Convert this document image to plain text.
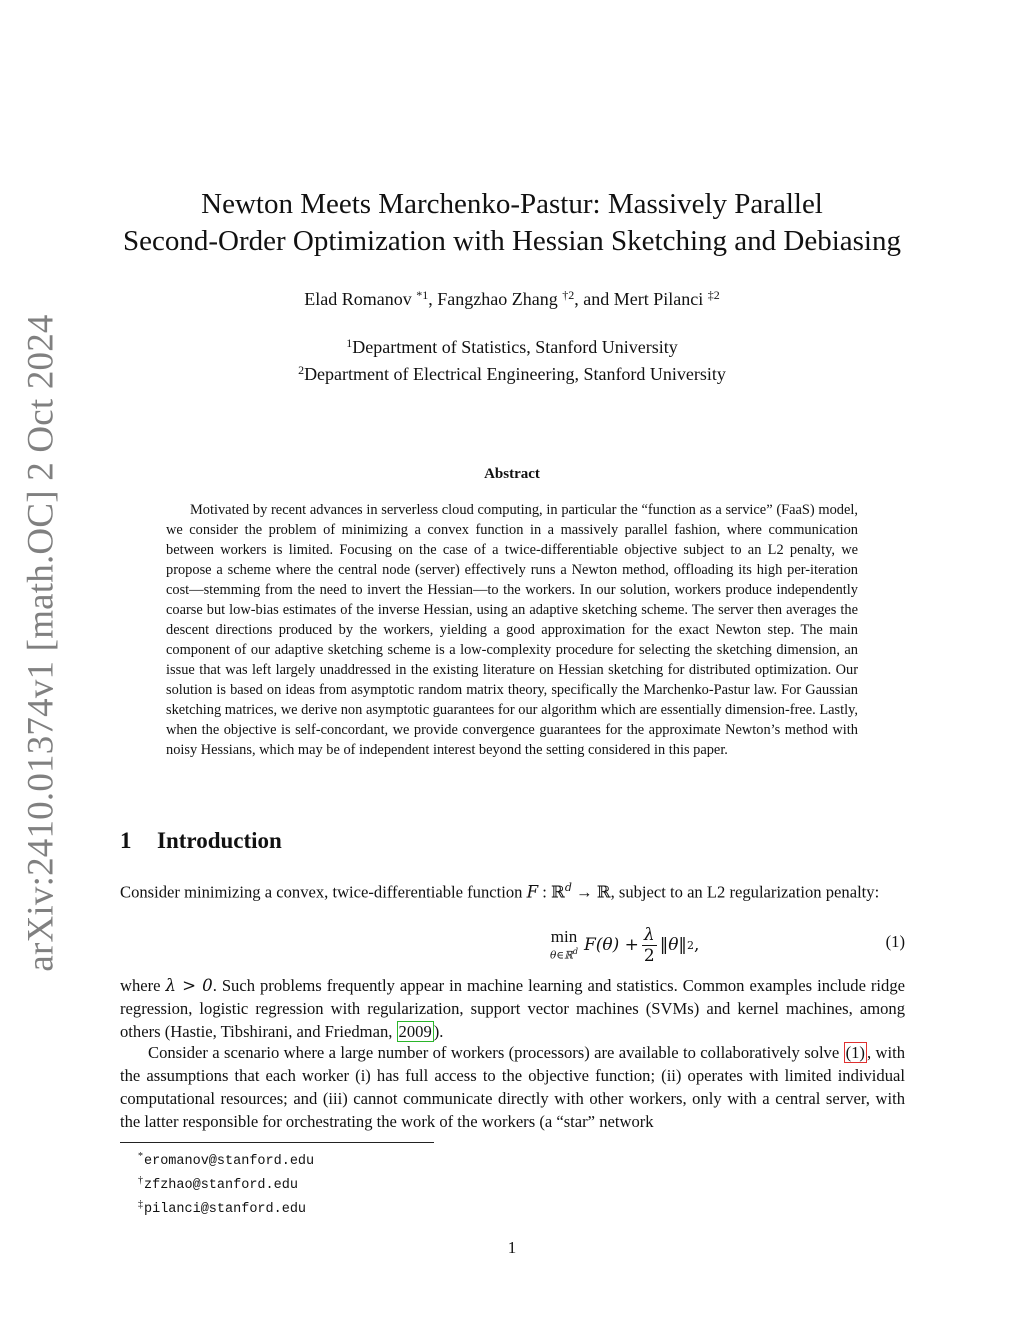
arXiv:2410.01374v1 [math.OC] 2 Oct 2024
Newton Meets Marchenko-Pastur: Massively Parallel
Second-Order Optimization with Hessian Sketching and Debiasing
Elad Romanov $^{*1}$, Fangzhao Zhang $^{\dagger 2}$, and Mert Pilanci $^{\ddagger 2}$
$^1$Department of Statistics, Stanford University
$^2$Department of Electrical Engineering, Stanford University
Abstract

Motivated by recent advances in serverless cloud computing, in particular the “function as a service” (FaaS) model, we consider the problem of minimizing a convex function in a massively parallel fashion, where communication between workers is limited. Focusing on the case of a twice-differentiable objective subject to an L2 penalty, we propose a scheme where the central node (server) effectively runs a Newton method, offloading its high per-iteration cost—stemming from the need to invert the Hessian—to the workers. In our solution, workers produce independently coarse but low-bias estimates of the inverse Hessian, using an adaptive sketching scheme. The server then averages the descent directions produced by the workers, yielding a good approximation for the exact Newton step. The main component of our adaptive sketching scheme is a low-complexity procedure for selecting the sketching dimension, an issue that was left largely unaddressed in the existing literature on Hessian sketching for distributed optimization. Our solution is based on ideas from asymptotic random matrix theory, specifically the Marchenko-Pastur law. For Gaussian sketching matrices, we derive non asymptotic guarantees for our algorithm which are essentially dimension-free. Lastly, when the objective is self-concordant, we provide convergence guarantees for the approximate Newton’s method with noisy Hessians, which may be of independent interest beyond the setting considered in this paper.

1 Introduction

Consider minimizing a convex, twice-differentiable function F : ℝ$^d$ → ℝ, subject to an L2 regularization penalty:

min
θ∈ℝ$^d$ $F(\theta) + \frac{\lambda}{2}$ ‖θ‖ 2 ,	(1)

where λ > 0. Such problems frequently appear in machine learning and statistics. Common examples include ridge regression, logistic regression with regularization, support vector machines (SVMs) and kernel machines, among others (Hastie, Tibshirani, and Friedman, 2009 ).

Consider a scenario where a large number of workers (processors) are available to collaboratively solve (1) , with the assumptions that each worker (i) has full access to the objective function; (ii) operates with limited individual computational resources; and (iii) cannot communicate directly with other workers, only with a central server, with the latter responsible for orchestrating the work of the workers (a “star” network

*eromanov@stanford.edu
†zfzhao@stanford.edu
‡pilanci@stanford.edu
1
